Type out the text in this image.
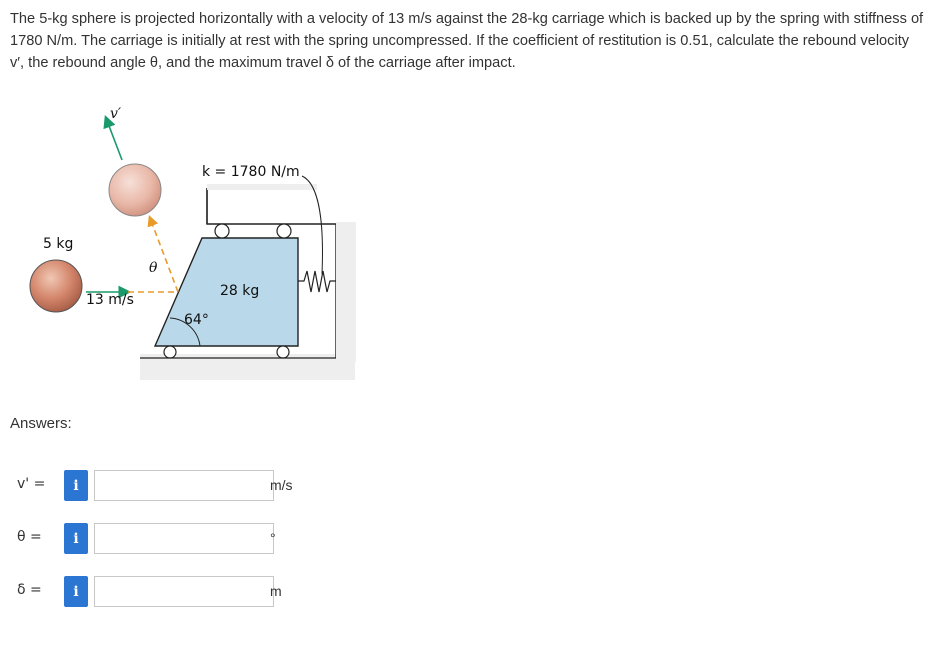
The 5-kg sphere is projected horizontally with a velocity of 13 m/s against the 28-kg carriage which is backed up by the spring with stiffness of 1780 N/m. The carriage is initially at rest with the spring uncompressed. If the coefficient of restitution is 0.51, calculate the rebound velocity v′, the rebound angle θ, and the maximum travel δ of the carriage after impact.
5 kg
13 m/s
v′
θ
k = 1780 N/m
28 kg
64°
Answers:
v' =	i	m/s
θ =	i	°
δ =	i	m
